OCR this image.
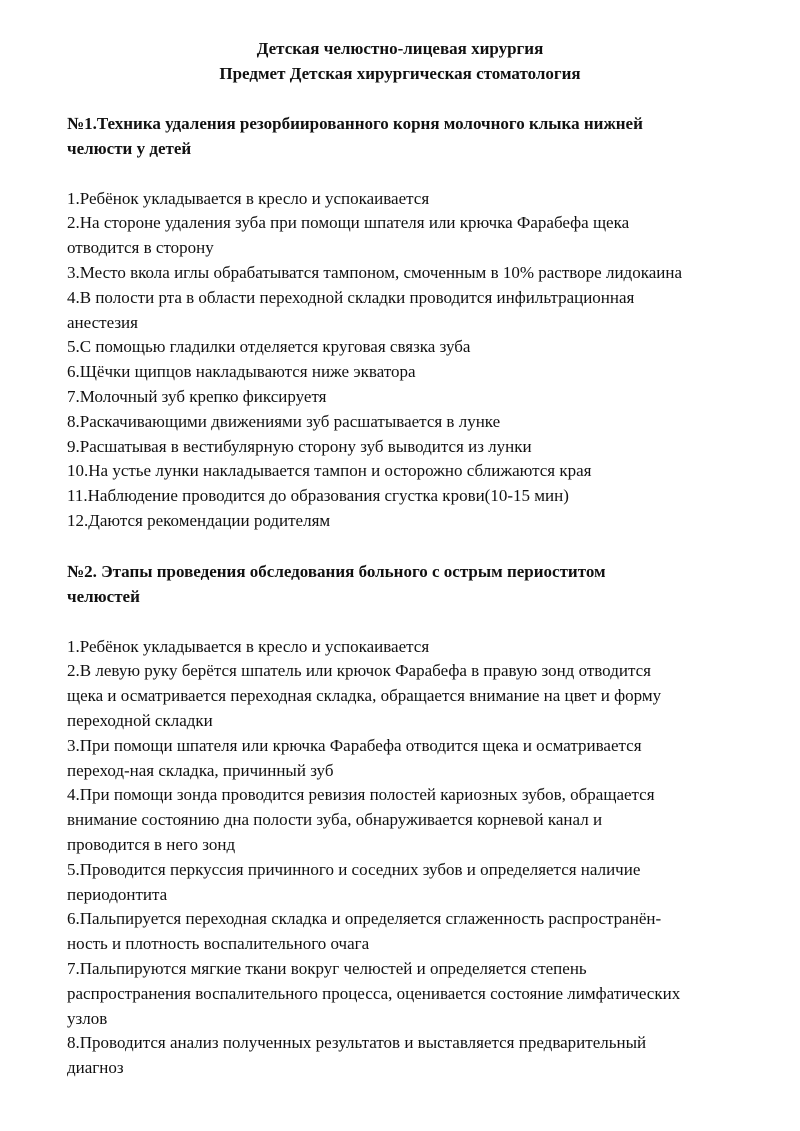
Детская челюстно-лицевая хирургия
Предмет Детская хирургическая стоматология
№1.Техника удаления резорбиированного корня молочного клыка нижней
челюсти у детей
1.Ребёнок укладывается в кресло и успокаивается
2.На стороне удаления зуба при помощи шпателя или крючка Фарабефа щека
отводится в сторону
3.Место вкола иглы обрабатыватся тампоном, смоченным в 10% растворе лидокаина
4.В полости рта в области переходной складки проводится инфильтрационная
анестезия
5.С помощью гладилки отделяется круговая связка зуба
6.Щёчки щипцов накладываются ниже экватора
7.Молочный зуб крепко фиксируетя
8.Раскачивающими движениями зуб расшатывается в лунке
9.Расшатывая в вестибулярную сторону зуб выводится из лунки
10.На устье лунки накладывается тампон и осторожно сближаются края
11.Наблюдение проводится до образования сгустка крови(10-15 мин)
12.Даются рекомендации родителям
№2. Этапы проведения обследования больного с острым периоститом
челюстей
1.Ребёнок укладывается в кресло и успокаивается
2.В левую руку берётся шпатель или крючок Фарабефа в правую зонд отводится
щека и осматривается переходная складка, обращается внимание на цвет и форму
переходной складки
3.При помощи шпателя или крючка Фарабефа отводится щека и осматривается
переход-ная складка, причинный зуб
4.При помощи зонда проводится ревизия полостей кариозных зубов, обращается
внимание состоянию дна полости зуба, обнаруживается корневой канал и
проводится в него зонд
5.Проводится перкуссия причинного и соседних зубов и определяется наличие
периодонтита
6.Пальпируется переходная складка и определяется сглаженность распространён-
ность и плотность воспалительного очага
7.Пальпируются мягкие ткани вокруг челюстей и определяется степень
распространения воспалительного процесса, оценивается состояние лимфатических
узлов
8.Проводится анализ полученных результатов и выставляется предварительный
диагноз
